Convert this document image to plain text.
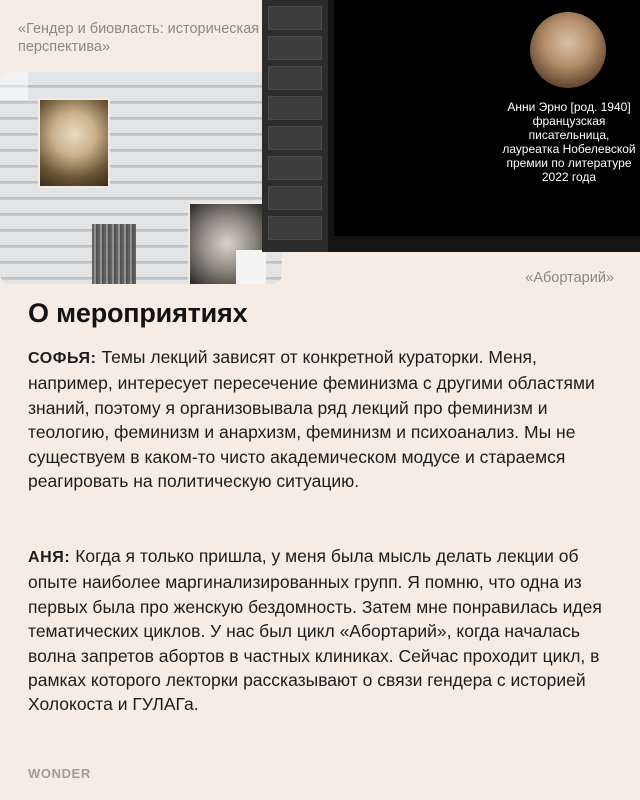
Анни Эрно [род. 1940]
французская
писательница,
лауреатка Нобелевской
премии по литературе
2022 года
«Гендер и биовласть: историческая перспектива»
«Абортарий»
О мероприятиях

СОФЬЯ: Темы лекций зависят от конкретной кураторки. Меня, например, интересует пересечение феминизма с другими областями знаний, поэтому я организовывала ряд лекций про феминизм и теологию, феминизм и анархизм, феминизм и психоанализ. Мы не существуем в каком-то чисто академическом модусе и стараемся реагировать на политическую ситуацию.

АНЯ: Когда я только пришла, у меня была мысль делать лекции об опыте наиболее маргинализированных групп. Я помню, что одна из первых была про женскую бездомность. Затем мне понравилась идея тематических циклов. У нас был цикл «Абортарий», когда началась волна запретов абортов в частных клиниках. Сейчас проходит цикл, в рамках которого лекторки рассказывают о связи гендера с историей Холокоста и ГУЛАГа.

WONDER
